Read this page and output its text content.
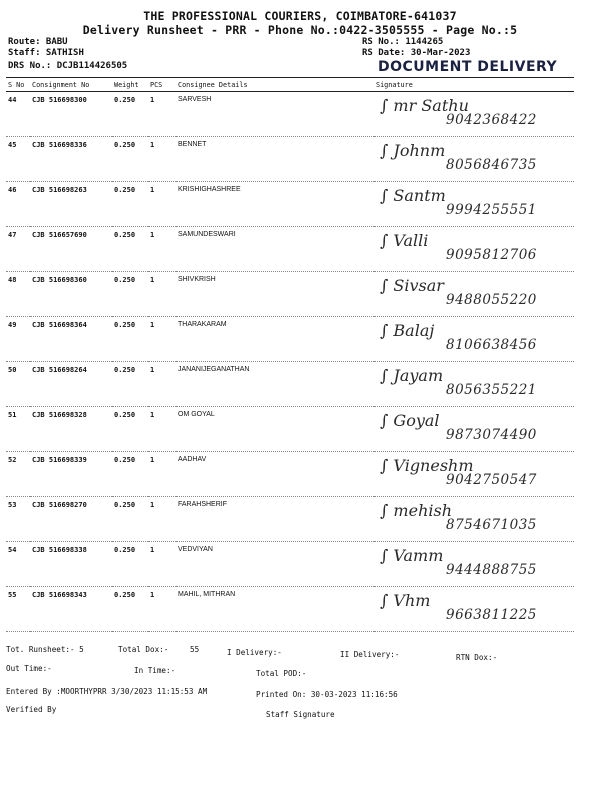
THE PROFESSIONAL COURIERS, COIMBATORE-641037
Delivery Runsheet - PRR - Phone No.:0422-3505555 - Page No.:5
Route: BABU
Staff: SATHISH
DRS No.: DCJB114426505
RS No.: 1144265
RS Date: 30-Mar-2023
DOCUMENT DELIVERY
S No	Consignment No	Weight	PCS	Consignee Details	Signature
44	CJB 516698300	0.250	1	SARVESH	∫ mr Sathu
9042368422

45	CJB 516698336	0.250	1	BENNET	∫ Johnm
8056846735

46	CJB 516698263	0.250	1	KRISHIGHASHREE	∫ Santm
9994255551

47	CJB 516657690	0.250	1	SAMUNDESWARI	∫ Valli
9095812706

48	CJB 516698360	0.250	1	SHIVKRISH	∫ Sivsar
9488055220

49	CJB 516698364	0.250	1	THARAKARAM	∫ Balaj
8106638456

50	CJB 516698264	0.250	1	JANANIJEGANATHAN	∫ Jayam
8056355221

51	CJB 516698328	0.250	1	OM GOYAL	∫ Goyal
9873074490

52	CJB 516698339	0.250	1	AADHAV	∫ Vigneshm
9042750547

53	CJB 516698270	0.250	1	FARAHSHERIF	∫ mehish
8754671035

54	CJB 516698338	0.250	1	VEDVIYAN	∫ Vamm
9444888755

55	CJB 516698343	0.250	1	MAHIL, MITHRAN	∫ Vhm
9663811225
Tot. Runsheet:- 5	Total Dox:-	55	I Delivery:-	II Delivery:-	RTN Dox:-
Out Time:-	In Time:-	Total POD:-
Entered By :MOORTHYPRR 3/30/2023 11:15:53 AM	Printed On: 30-03-2023 11:16:56
Verified By
Staff Signature
